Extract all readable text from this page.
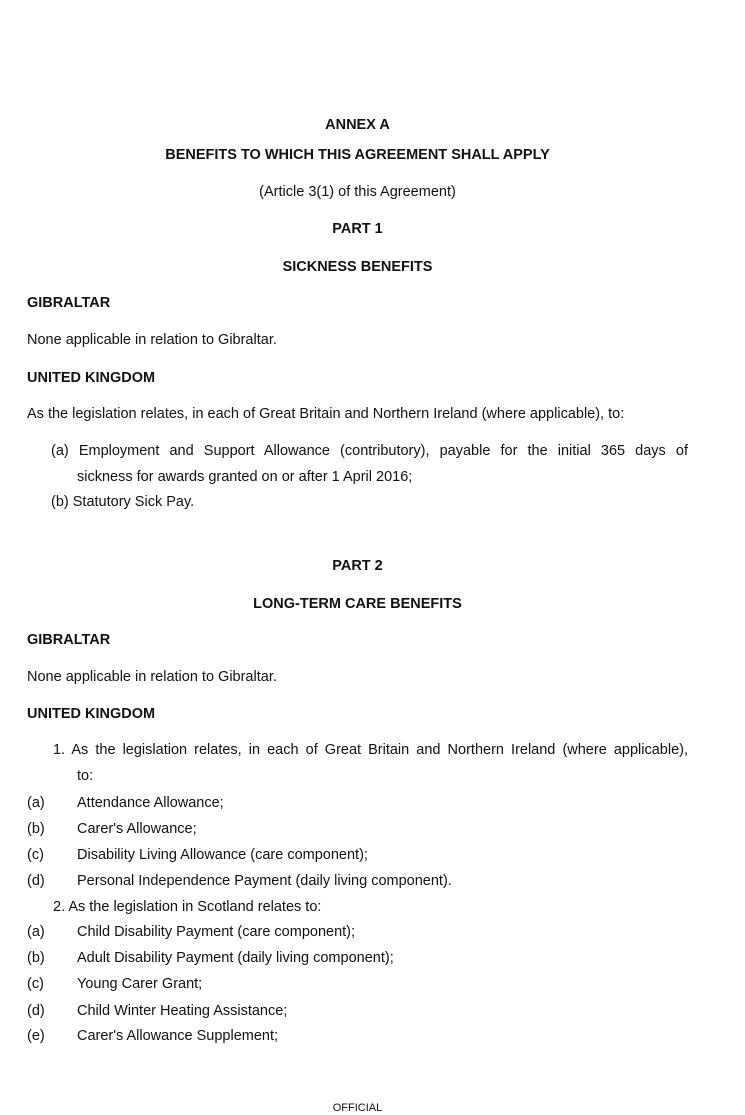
ANNEX A
BENEFITS TO WHICH THIS AGREEMENT SHALL APPLY
(Article 3(1) of this Agreement)
PART 1
SICKNESS BENEFITS
GIBRALTAR
None applicable in relation to Gibraltar.
UNITED KINGDOM
As the legislation relates, in each of Great Britain and Northern Ireland (where applicable), to:
(a) Employment and Support Allowance (contributory), payable for the initial 365 days of
sickness for awards granted on or after 1 April 2016;
(b) Statutory Sick Pay.
PART 2
LONG-TERM CARE BENEFITS
GIBRALTAR
None applicable in relation to Gibraltar.
UNITED KINGDOM
1. As the legislation relates, in each of Great Britain and Northern Ireland (where applicable),
to:
(a) Attendance Allowance;
(b) Carer's Allowance;
(c) Disability Living Allowance (care component);
(d) Personal Independence Payment (daily living component).
2. As the legislation in Scotland relates to:
(a) Child Disability Payment (care component);
(b) Adult Disability Payment (daily living component);
(c) Young Carer Grant;
(d) Child Winter Heating Assistance;
(e) Carer's Allowance Supplement;
OFFICIAL
